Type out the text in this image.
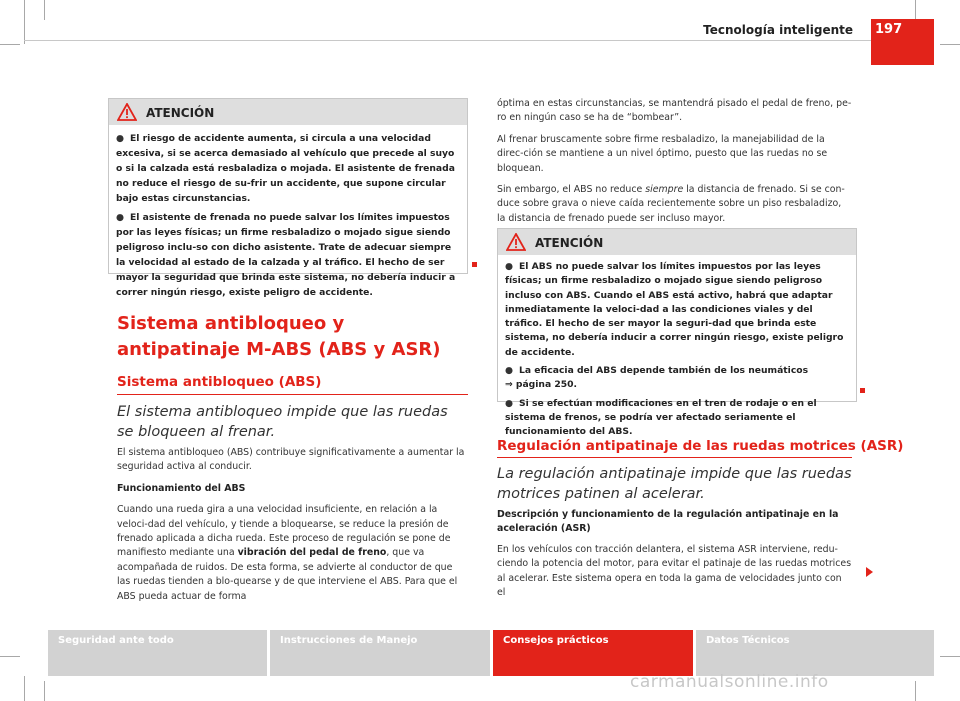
Tecnología inteligente 197
ATENCIÓN

● El riesgo de accidente aumenta, si circula a una velocidad excesiva, si se acerca demasiado al vehículo que precede al suyo o si la calzada está resbaladiza o mojada. El asistente de frenada no reduce el riesgo de su-frir un accidente, que supone circular bajo estas circunstancias.

● El asistente de frenada no puede salvar los límites impuestos por las leyes físicas; un firme resbaladizo o mojado sigue siendo peligroso inclu-so con dicho asistente. Trate de adecuar siempre la velocidad al estado de la calzada y al tráfico. El hecho de ser mayor la seguridad que brinda este sistema, no debería inducir a correr ningún riesgo, existe peligro de accidente.

Sistema antibloqueo y antipatinaje M-ABS (ABS y ASR)
Sistema antibloqueo (ABS)
El sistema antibloqueo impide que las ruedas se bloqueen al frenar.

El sistema antibloqueo (ABS) contribuye significativamente a aumentar la seguridad activa al conducir.

Funcionamiento del ABS

Cuando una rueda gira a una velocidad insuficiente, en relación a la veloci-dad del vehículo, y tiende a bloquearse, se reduce la presión de frenado aplicada a dicha rueda. Este proceso de regulación se pone de manifiesto mediante una vibración del pedal de freno, que va acompañada de ruidos. De esta forma, se advierte al conductor de que las ruedas tienden a blo-quearse y de que interviene el ABS. Para que el ABS pueda actuar de forma

óptima en estas circunstancias, se mantendrá pisado el pedal de freno, pe-ro en ningún caso se ha de “bombear”.

Al frenar bruscamente sobre firme resbaladizo, la manejabilidad de la direc-ción se mantiene a un nivel óptimo, puesto que las ruedas no se bloquean.

Sin embargo, el ABS no reduce siempre la distancia de frenado. Si se con-duce sobre grava o nieve caída recientemente sobre un piso resbaladizo, la distancia de frenado puede ser incluso mayor.

ATENCIÓN

● El ABS no puede salvar los límites impuestos por las leyes físicas; un firme resbaladizo o mojado sigue siendo peligroso incluso con ABS. Cuando el ABS está activo, habrá que adaptar inmediatamente la veloci-dad a las condiciones viales y del tráfico. El hecho de ser mayor la seguri-dad que brinda este sistema, no debería inducir a correr ningún riesgo, existe peligro de accidente.

● La eficacia del ABS depende también de los neumáticos
⇒ página 250.

● Si se efectúan modificaciones en el tren de rodaje o en el sistema de frenos, se podría ver afectado seriamente el funcionamiento del ABS.

Regulación antipatinaje de las ruedas motrices (ASR)
La regulación antipatinaje impide que las ruedas motrices patinen al acelerar.

Descripción y funcionamiento de la regulación antipatinaje en la aceleración (ASR)

En los vehículos con tracción delantera, el sistema ASR interviene, redu-ciendo la potencia del motor, para evitar el patinaje de las ruedas motrices al acelerar. Este sistema opera en toda la gama de velocidades junto con el

Seguridad ante todo	Instrucciones de Manejo	Consejos prácticos	Datos Técnicos
carmanualsonline.info
